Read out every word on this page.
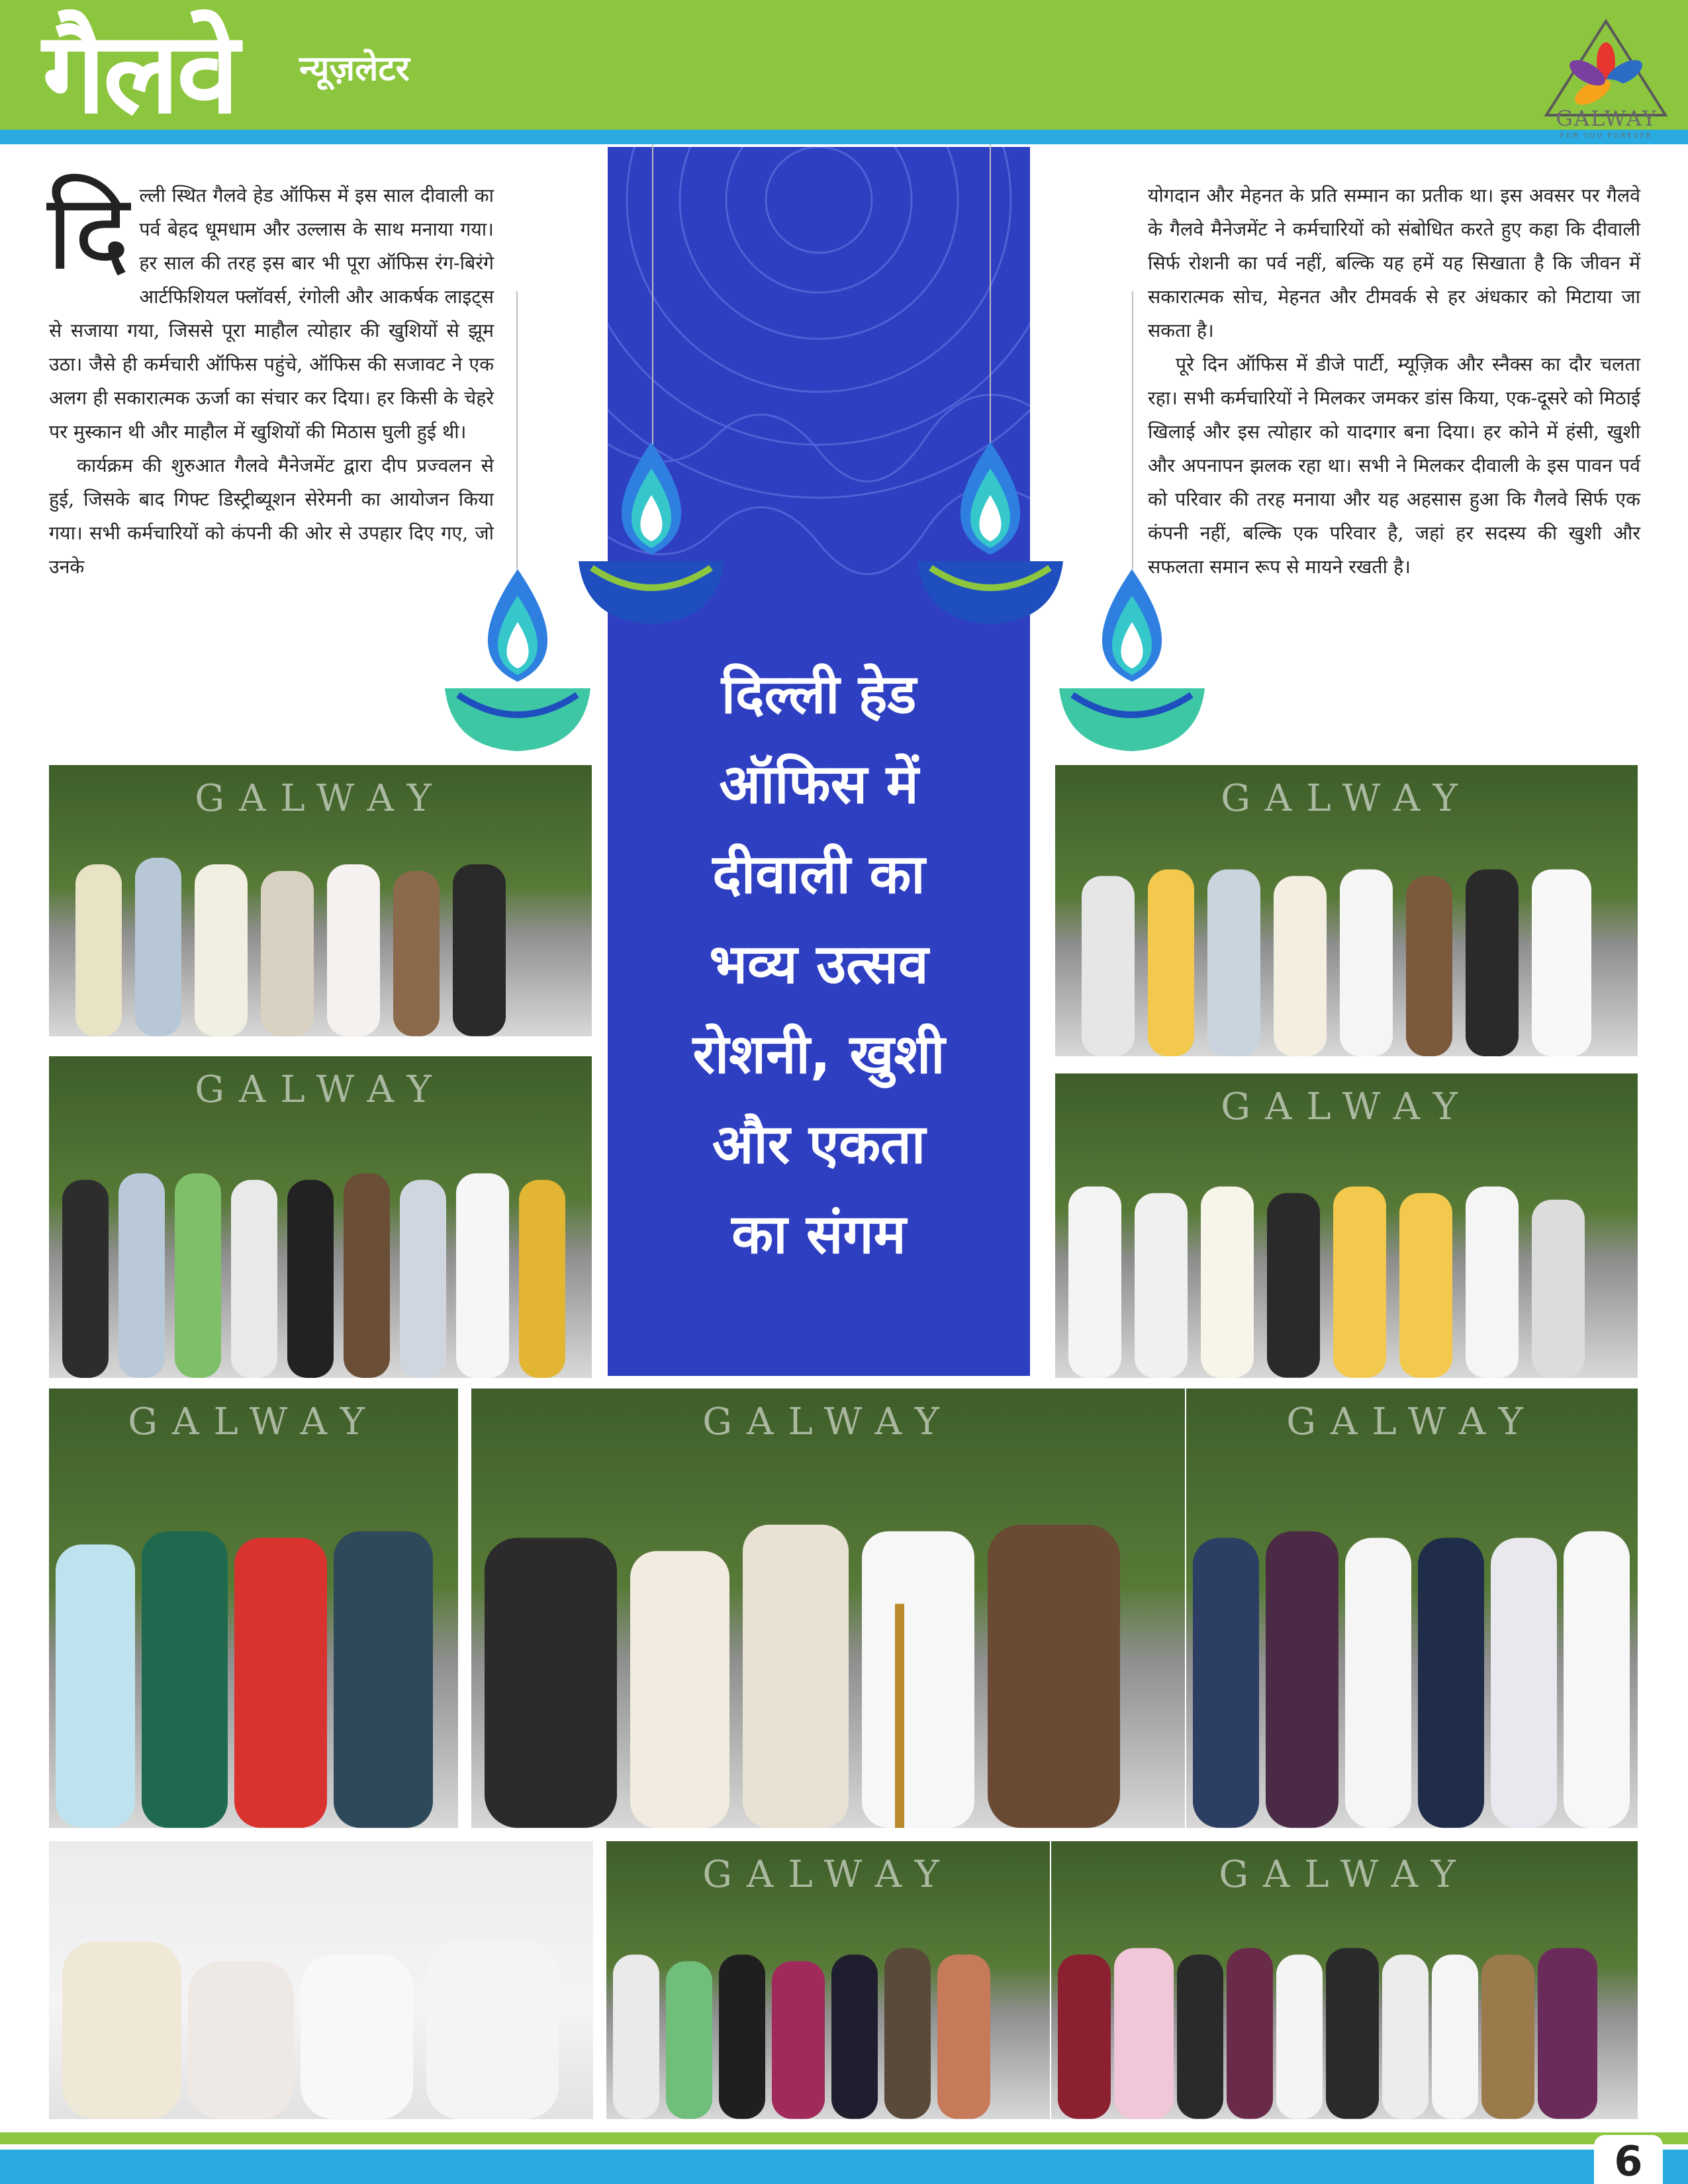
गैलवे न्यूज़लेटर
GALWAY
FOR YOU FOREVER
दि ल्ली स्थित गैलवे हेड ऑफिस में इस साल दीवाली का पर्व बेहद धूमधाम और उल्लास के साथ मनाया गया। हर साल की तरह इस बार भी पूरा ऑफिस रंग-बिरंगे आर्टफिशियल फ्लॉवर्स, रंगोली और आकर्षक लाइट्स से सजाया गया, जिससे पूरा माहौल त्योहार की खुशियों से झूम उठा। जैसे ही कर्मचारी ऑफिस पहुंचे, ऑफिस की सजावट ने एक अलग ही सकारात्मक ऊर्जा का संचार कर दिया। हर किसी के चेहरे पर मुस्कान थी और माहौल में खुशियों की मिठास घुली हुई थी।

कार्यक्रम की शुरुआत गैलवे मैनेजमेंट द्वारा दीप प्रज्वलन से हुई, जिसके बाद गिफ्ट डिस्ट्रीब्यूशन सेरेमनी का आयोजन किया गया। सभी कर्मचारियों को कंपनी की ओर से उपहार दिए गए, जो उनके

योगदान और मेहनत के प्रति सम्मान का प्रतीक था। इस अवसर पर गैलवे के गैलवे मैनेजमेंट ने कर्मचारियों को संबोधित करते हुए कहा कि दीवाली सिर्फ रोशनी का पर्व नहीं, बल्कि यह हमें यह सिखाता है कि जीवन में सकारात्मक सोच, मेहनत और टीमवर्क से हर अंधकार को मिटाया जा सकता है।

पूरे दिन ऑफिस में डीजे पार्टी, म्यूज़िक और स्नैक्स का दौर चलता रहा। सभी कर्मचारियों ने मिलकर जमकर डांस किया, एक-दूसरे को मिठाई खिलाई और इस त्योहार को यादगार बना दिया। हर कोने में हंसी, खुशी और अपनापन झलक रहा था। सभी ने मिलकर दीवाली के इस पावन पर्व को परिवार की तरह मनाया और यह अहसास हुआ कि गैलवे सिर्फ एक कंपनी नहीं, बल्कि एक परिवार है, जहां हर सदस्य की खुशी और सफलता समान रूप से मायने रखती है।

दिल्ली हेड
ऑफिस में
दीवाली का
भव्य उत्सव
रोशनी, खुशी
और एकता
का संगम
GALWAY	GALWAY
GALWAY	GALWAY
GALWAY	GALWAY	GALWAY
GALWAY	GALWAY
6
